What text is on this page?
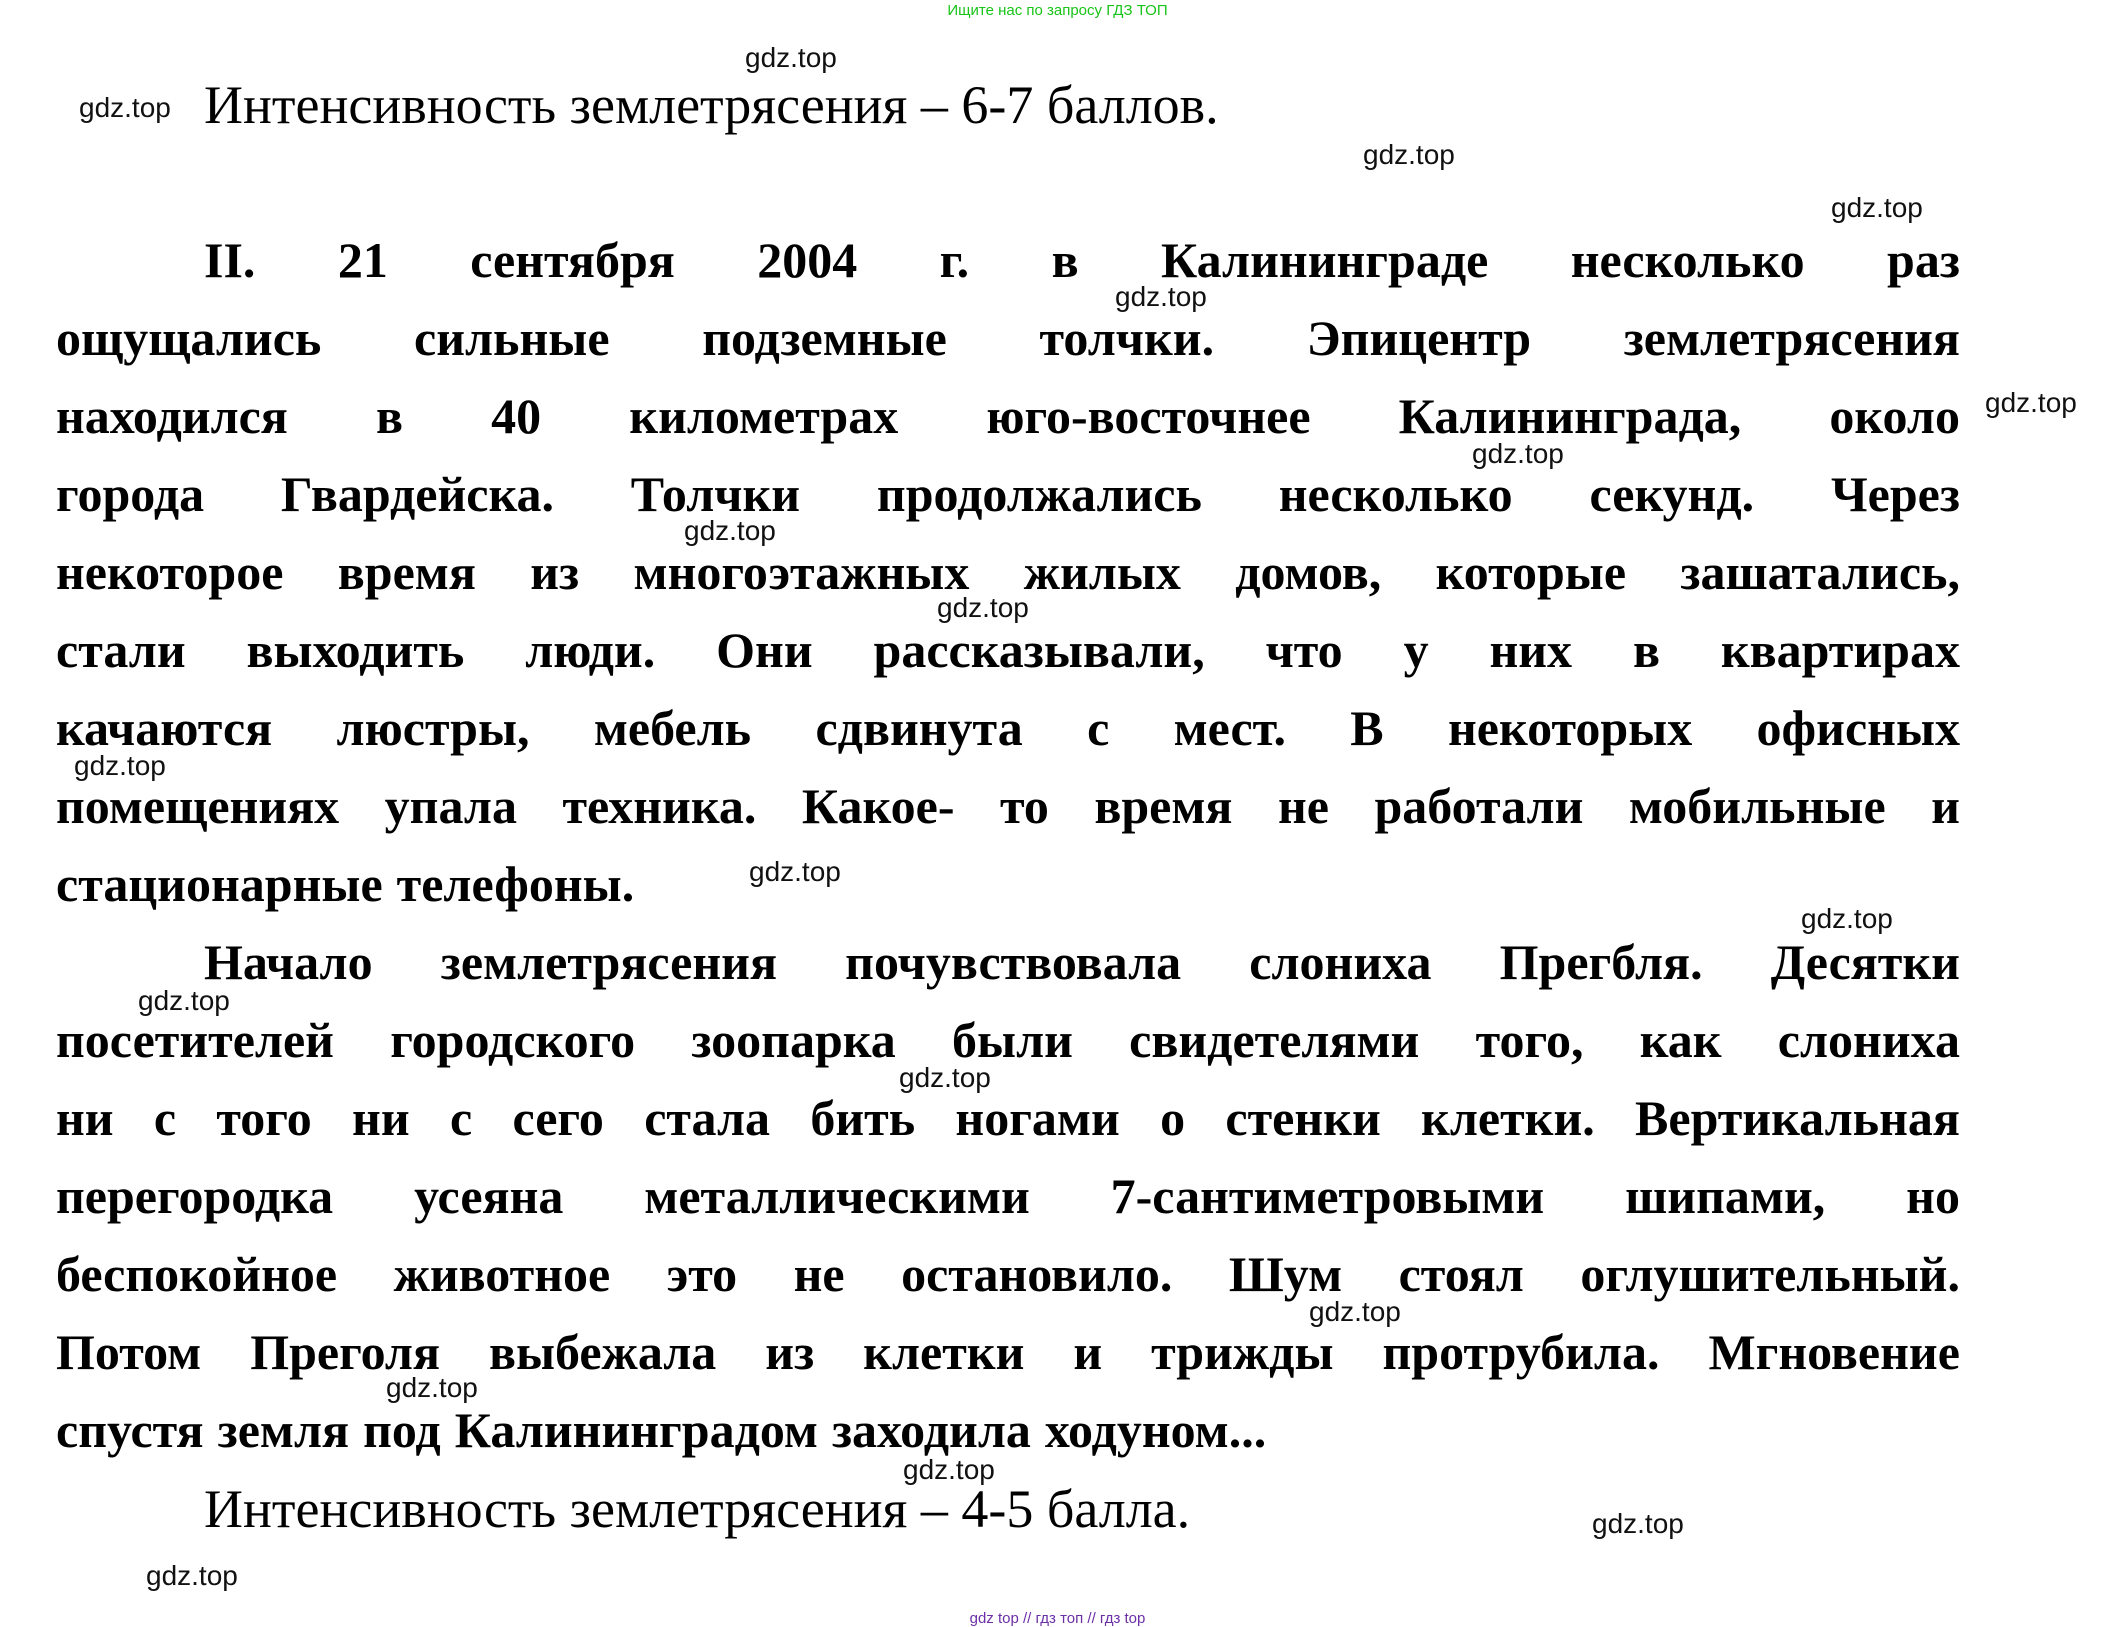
Ищите нас по запросу ГДЗ ТОП
Интенсивность землетрясения – 6-7 баллов.
II. 21 сентября 2004 г. в Калининграде несколько раз
ощущались сильные подземные толчки. Эпицентр землетрясения
находился в 40 километрах юго-восточнее Калининграда, около
города Гвардейска. Толчки продолжались несколько секунд. Через
некоторое время из многоэтажных жилых домов, которые зашатались,
стали выходить люди. Они рассказывали, что у них в квартирах
качаются люстры, мебель сдвинута с мест. В некоторых офисных
помещениях упала техника. Какое- то время не работали мобильные и
стационарные телефоны.
Начало землетрясения почувствовала слониха Прегбля. Десятки
посетителей городского зоопарка были свидетелями того, как слониха
ни с того ни с сего стала бить ногами о стенки клетки. Вертикальная
перегородка усеяна металлическими 7-сантиметровыми шипами, но
беспокойное животное это не остановило. Шум стоял оглушительный.
Потом Преголя выбежала из клетки и трижды протрубила. Мгновение
спустя земля под Калининградом заходила ходуном...
Интенсивность землетрясения – 4-5 балла.
gdz.top
gdz.top
gdz.top
gdz.top
gdz.top
gdz.top
gdz.top
gdz.top
gdz.top
gdz.top
gdz.top
gdz.top
gdz.top
gdz.top
gdz.top
gdz.top
gdz.top
gdz.top
gdz.top
gdz top // гдз топ // гдз top
